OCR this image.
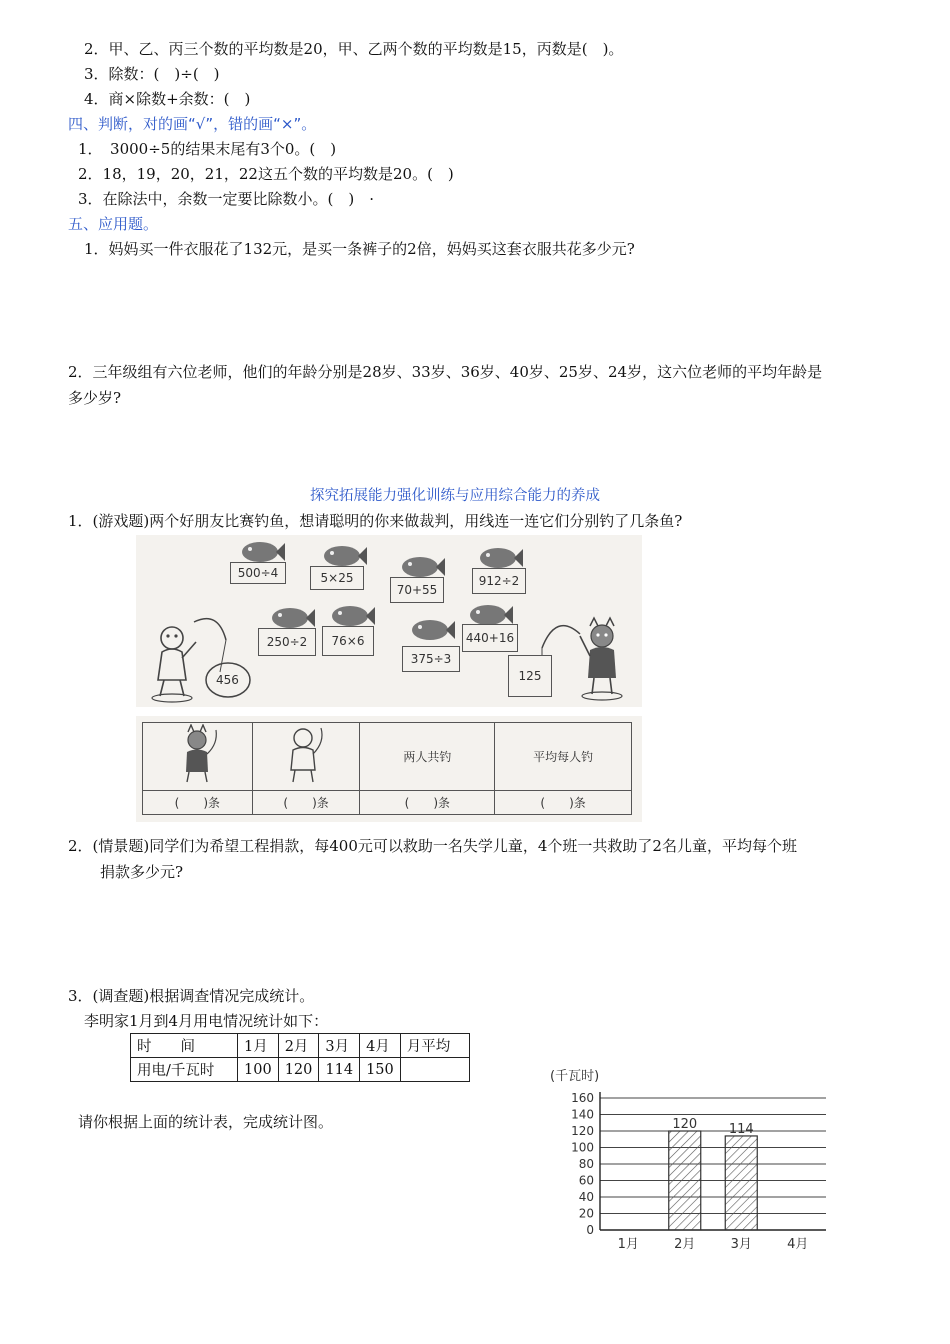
2．甲、乙、丙三个数的平均数是20，甲、乙两个数的平均数是15，丙数是(　)。
3．除数：(　)÷(　)
4．商×除数+余数：(　)
四、判断，对的画“√”，错的画“×”。
1．　3000÷5的结果末尾有3个0。(　)
2．18，19，20，21，22这五个数的平均数是20。(　)
3．在除法中，余数一定要比除数小。(　)　·
五、应用题。
1．妈妈买一件衣服花了132元，是买一条裤子的2倍，妈妈买这套衣服共花多少元?
2．三年级组有六位老师，他们的年龄分别是28岁、33岁、36岁、40岁、25岁、24岁，这六位老师的平均年龄是
多少岁?
探究拓展能力强化训练与应用综合能力的养成
1．(游戏题)两个好朋友比赛钓鱼，想请聪明的你来做裁判，用线连一连它们分别钓了几条鱼?
500÷4	5×25
70+55
912÷2
250÷2	76×6	440+16
375÷3
456	125
		两人共钓	平均每人钓
(　　)条	(　　)条	(　　)条	(　　)条
2．(情景题)同学们为希望工程捐款，每400元可以救助一名失学儿童，4个班一共救助了2名儿童，平均每个班
捐款多少元?
3．(调查题)根据调查情况完成统计。
李明家1月到4月用电情况统计如下：
时　　间	1月	2月	3月	4月	月平均
用电/千瓦时	100	120	114	150	
请你根据上面的统计表，完成统计图。
(千瓦时)
0
20
40
60
80
100
120
140
160
1月	2月
120
3月
114
4月
